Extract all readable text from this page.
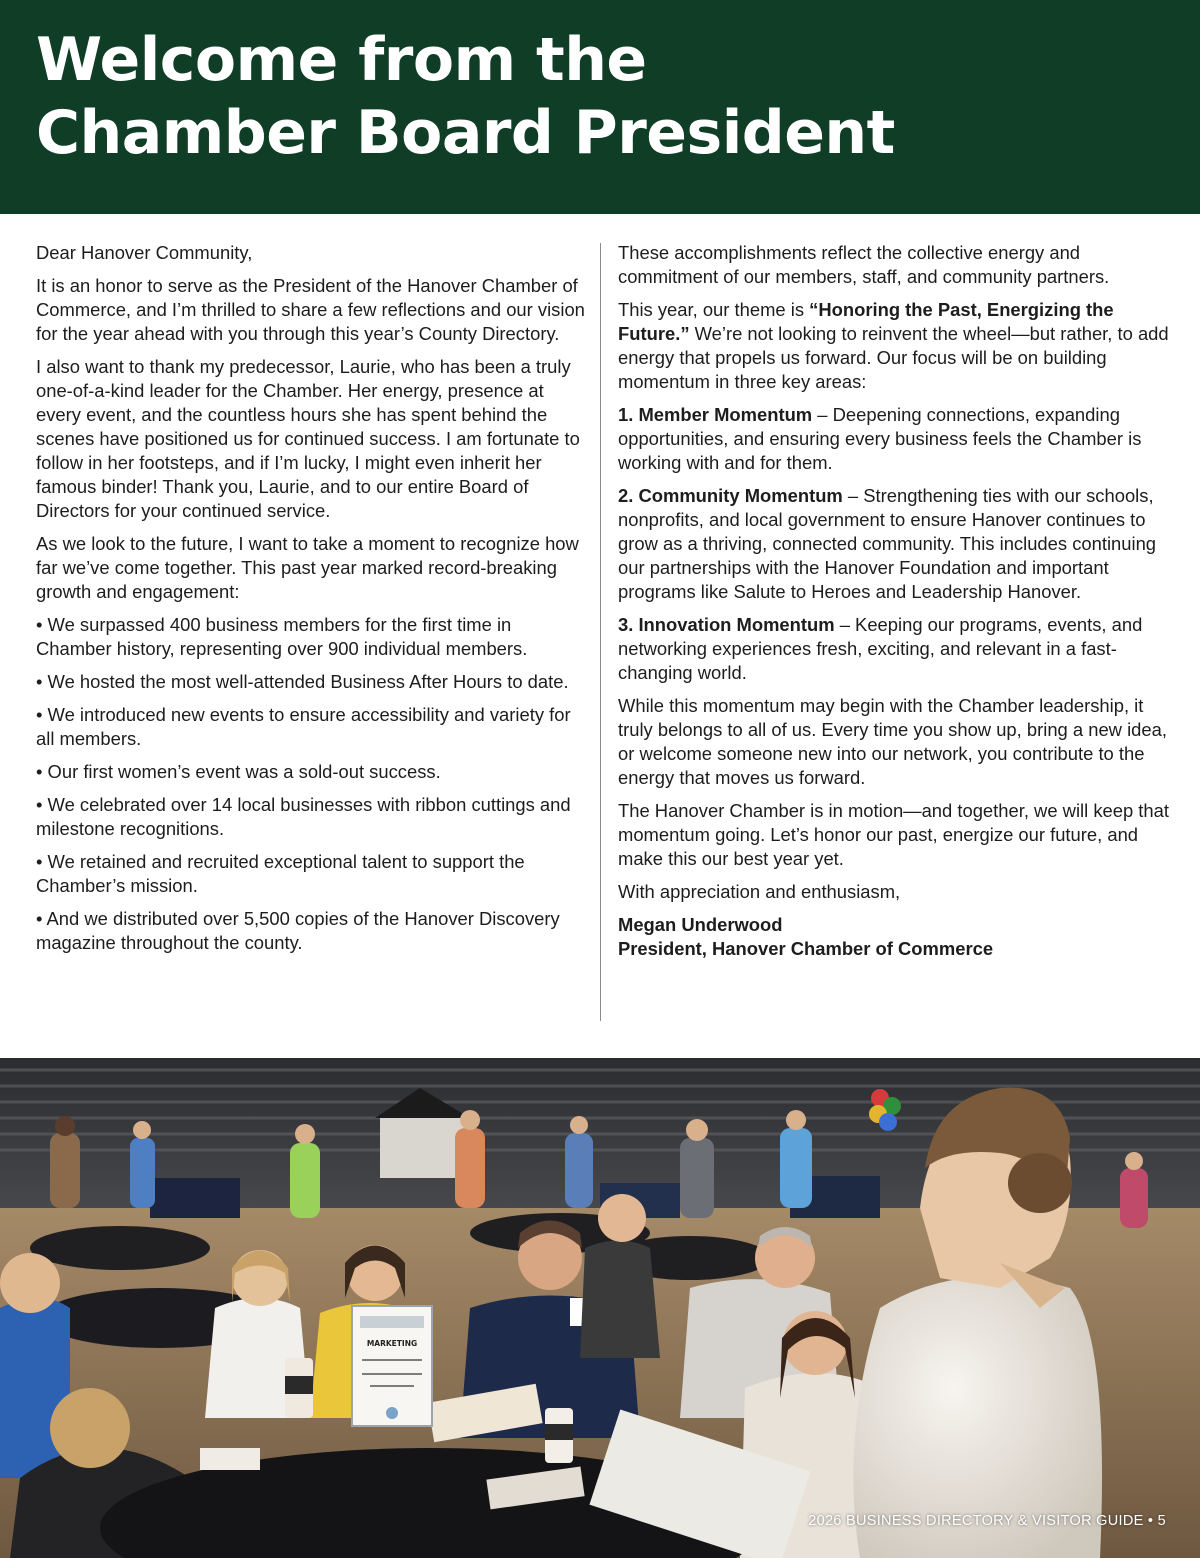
Welcome from the
Chamber Board President

Dear Hanover Community,

It is an honor to serve as the President of the Hanover Chamber of Commerce, and I’m thrilled to share a few reflections and our vision for the year ahead with you through this year’s County Directory.

I also want to thank my predecessor, Laurie, who has been a truly one-of-a-kind leader for the Chamber. Her energy, presence at every event, and the countless hours she has spent behind the scenes have positioned us for continued success. I am fortunate to follow in her footsteps, and if I’m lucky, I might even inherit her famous binder! Thank you, Laurie, and to our entire Board of Directors for your continued service.

As we look to the future, I want to take a moment to recognize how far we’ve come together. This past year marked record-breaking growth and engagement:

• We surpassed 400 business members for the first time in Chamber history, representing over 900 individual members.

• We hosted the most well-attended Business After Hours to date.

• We introduced new events to ensure accessibility and variety for all members.

• Our first women’s event was a sold-out success.

• We celebrated over 14 local businesses with ribbon cuttings and milestone recognitions.

• We retained and recruited exceptional talent to support the Chamber’s mission.

• And we distributed over 5,500 copies of the Hanover Discovery magazine throughout the county.

These accomplishments reflect the collective energy and commitment of our members, staff, and community partners.

This year, our theme is “Honoring the Past, Energizing the Future.” We’re not looking to reinvent the wheel—but rather, to add energy that propels us forward. Our focus will be on building momentum in three key areas:

1. Member Momentum – Deepening connections, expanding opportunities, and ensuring every business feels the Chamber is working with and for them.

2. Community Momentum – Strengthening ties with our schools, nonprofits, and local government to ensure Hanover continues to grow as a thriving, connected community. This includes continuing our partnerships with the Hanover Foundation and important programs like Salute to Heroes and Leadership Hanover.

3. Innovation Momentum – Keeping our programs, events, and networking experiences fresh, exciting, and relevant in a fast-changing world.

While this momentum may begin with the Chamber leadership, it truly belongs to all of us. Every time you show up, bring a new idea, or welcome someone new into our network, you contribute to the energy that moves us forward.

The Hanover Chamber is in motion—and together, we will keep that momentum going. Let’s honor our past, energize our future, and make this our best year yet.

With appreciation and enthusiasm,

Megan Underwood
President, Hanover Chamber of Commerce

MARKETING
2026 BUSINESS DIRECTORY & VISITOR GUIDE • 5
